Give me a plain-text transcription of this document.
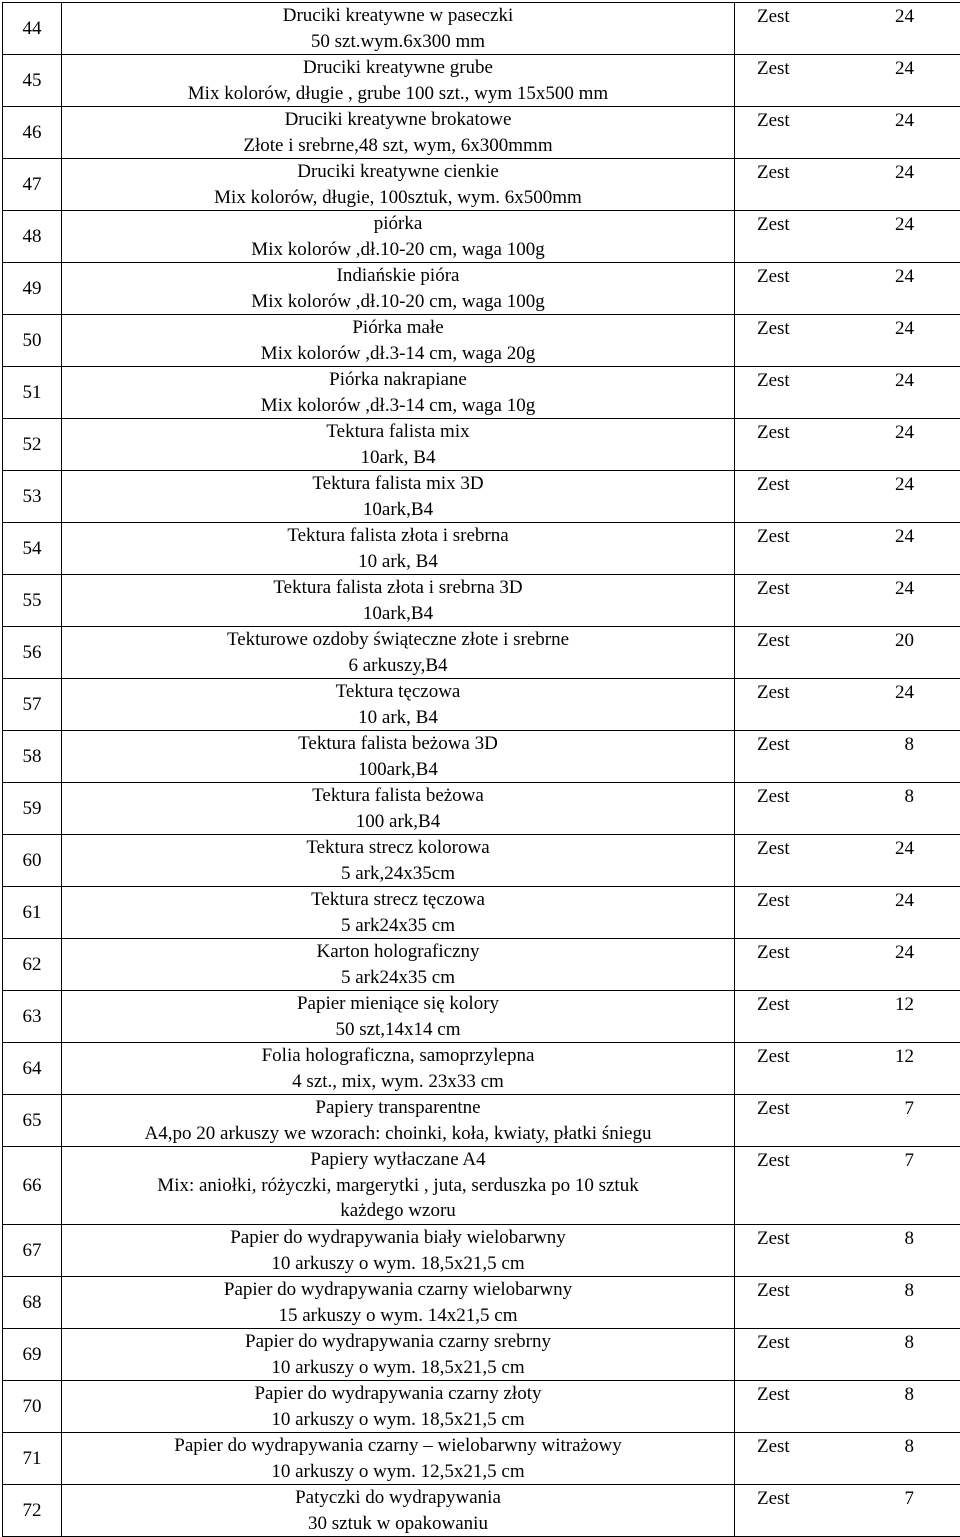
44	Druciki kreatywne w paseczki
50 szt.wym.6x300 mm	Zest 24

45	Druciki kreatywne grube
Mix kolorów, długie , grube 100 szt., wym 15x500 mm	Zest 24

46	Druciki kreatywne brokatowe
Złote i srebrne,48 szt, wym, 6x300mmm	Zest 24

47	Druciki kreatywne cienkie
Mix kolorów, długie, 100sztuk, wym. 6x500mm	Zest 24

48	piórka
Mix kolorów ,dł.10-20 cm, waga 100g	Zest 24

49	Indiańskie pióra
Mix kolorów ,dł.10-20 cm, waga 100g	Zest 24

50	Piórka małe
Mix kolorów ,dł.3-14 cm, waga 20g	Zest 24

51	Piórka nakrapiane
Mix kolorów ,dł.3-14 cm, waga 10g	Zest 24

52	Tektura falista mix
10ark, B4	Zest 24

53	Tektura falista mix 3D
10ark,B4	Zest 24

54	Tektura falista złota i srebrna
10 ark, B4	Zest 24

55	Tektura falista złota i srebrna 3D
10ark,B4	Zest 24

56	Tekturowe ozdoby świąteczne złote i srebrne
6 arkuszy,B4	Zest 20

57	Tektura tęczowa
10 ark, B4	Zest 24

58	Tektura falista beżowa 3D
100ark,B4	Zest 8

59	Tektura falista beżowa
100 ark,B4	Zest 8

60	Tektura strecz kolorowa
5 ark,24x35cm	Zest 24

61	Tektura strecz tęczowa
5 ark24x35 cm	Zest 24

62	Karton holograficzny
5 ark24x35 cm	Zest 24

63	Papier mieniące się kolory
50 szt,14x14 cm	Zest 12

64	Folia holograficzna, samoprzylepna
4 szt., mix, wym. 23x33 cm	Zest 12

65	Papiery transparentne
A4,po 20 arkuszy we wzorach: choinki, koła, kwiaty, płatki śniegu	Zest 7

66	Papiery wytłaczane A4
Mix: aniołki, różyczki, margerytki , juta, serduszka po 10 sztuk
każdego wzoru	Zest 7

67	Papier do wydrapywania biały wielobarwny
10 arkuszy o wym. 18,5x21,5 cm	Zest 8

68	Papier do wydrapywania czarny wielobarwny
15 arkuszy o wym. 14x21,5 cm	Zest 8

69	Papier do wydrapywania czarny srebrny
10 arkuszy o wym. 18,5x21,5 cm	Zest 8

70	Papier do wydrapywania czarny złoty
10 arkuszy o wym. 18,5x21,5 cm	Zest 8

71	Papier do wydrapywania czarny – wielobarwny witrażowy
10 arkuszy o wym. 12,5x21,5 cm	Zest 8

72	Patyczki do wydrapywania
30 sztuk w opakowaniu	Zest 7
